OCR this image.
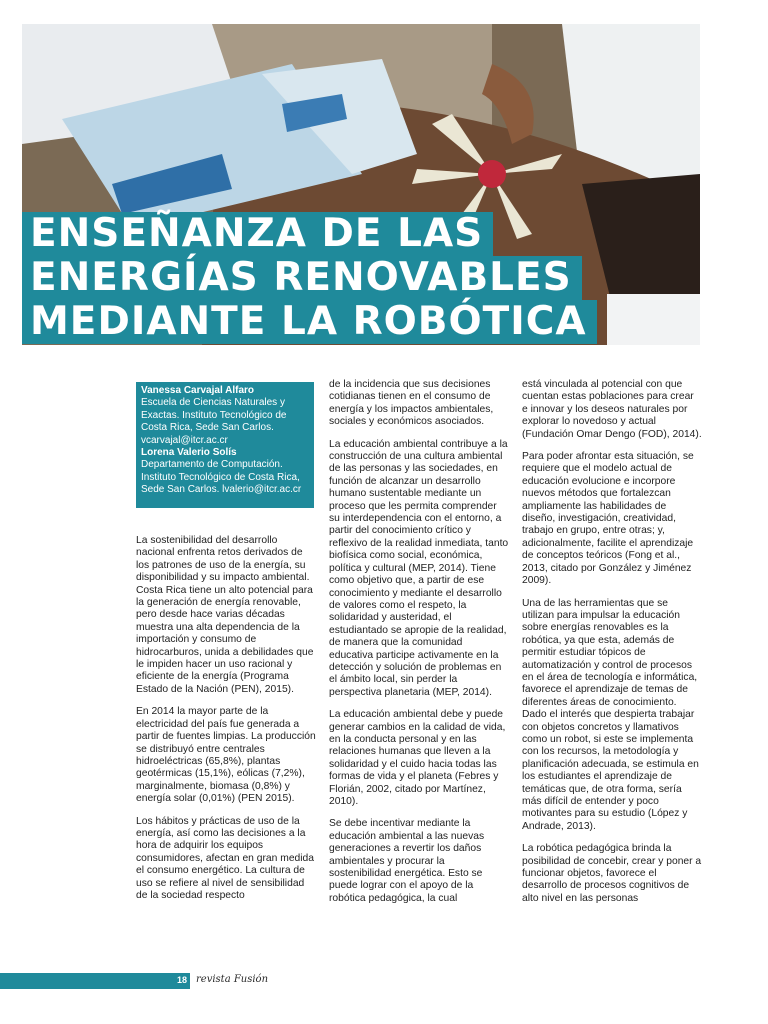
ENSEÑANZA DE LAS
ENERGÍAS RENOVABLES
MEDIANTE LA ROBÓTICA
Vanessa Carvajal Alfaro
Escuela de Ciencias Naturales y Exactas. Instituto Tecnológico de Costa Rica, Sede San Carlos. vcarvajal@itcr.ac.cr
Lorena Valerio Solís
Departamento de Computación. Instituto Tecnológico de Costa Rica, Sede San Carlos. lvalerio@itcr.ac.cr

La sostenibilidad del desarrollo nacional enfrenta retos derivados de los patrones de uso de la energía, su disponibilidad y su impacto ambiental. Costa Rica tiene un alto potencial para la generación de energía renovable, pero desde hace varias décadas muestra una alta dependencia de la importación y consumo de hidrocarburos, unida a debilidades que le impiden hacer un uso racional y eficiente de la energía (Programa Estado de la Nación (PEN), 2015).

En 2014 la mayor parte de la electricidad del país fue generada a partir de fuentes limpias. La producción se distribuyó entre centrales hidroeléctricas (65,8%), plantas geotérmicas (15,1%), eólicas (7,2%), marginalmente, biomasa (0,8%) y energía solar (0,01%) (PEN 2015).

Los hábitos y prácticas de uso de la energía, así como las decisiones a la hora de adquirir los equipos consumidores, afectan en gran medida el consumo energético. La cultura de uso se refiere al nivel de sensibilidad de la sociedad respecto

de la incidencia que sus decisiones cotidianas tienen en el consumo de energía y los impactos ambientales, sociales y económicos asociados.

La educación ambiental contribuye a la construcción de una cultura ambiental de las personas y las sociedades, en función de alcanzar un desarrollo humano sustentable mediante un proceso que les permita comprender su interdependencia con el entorno, a partir del conocimiento crítico y reflexivo de la realidad inmediata, tanto biofísica como social, económica, política y cultural (MEP, 2014). Tiene como objetivo que, a partir de ese conocimiento y mediante el desarrollo de valores como el respeto, la solidaridad y austeridad, el estudiantado se apropie de la realidad, de manera que la comunidad educativa participe activamente en la detección y solución de problemas en el ámbito local, sin perder la perspectiva planetaria (MEP, 2014).

La educación ambiental debe y puede generar cambios en la calidad de vida, en la conducta personal y en las relaciones humanas que lleven a la solidaridad y el cuido hacia todas las formas de vida y el planeta (Febres y Florián, 2002, citado por Martínez, 2010).

Se debe incentivar mediante la educación ambiental a las nuevas generaciones a revertir los daños ambientales y procurar la sostenibilidad energética. Esto se puede lograr con el apoyo de la robótica pedagógica, la cual

está vinculada al potencial con que cuentan estas poblaciones para crear e innovar y los deseos naturales por explorar lo novedoso y actual (Fundación Omar Dengo (FOD), 2014).

Para poder afrontar esta situación, se requiere que el modelo actual de educación evolucione e incorpore nuevos métodos que fortalezcan ampliamente las habilidades de diseño, investigación, creatividad, trabajo en grupo, entre otras; y, adicionalmente, facilite el aprendizaje de conceptos teóricos (Fong et al., 2013, citado por González y Jiménez 2009).

Una de las herramientas que se utilizan para impulsar la educación sobre energías renovables es la robótica, ya que esta, además de permitir estudiar tópicos de automatización y control de procesos en el área de tecnología e informática, favorece el aprendizaje de temas de diferentes áreas de conocimiento. Dado el interés que despierta trabajar con objetos concretos y llamativos como un robot, si este se implementa con los recursos, la metodología y planificación adecuada, se estimula en los estudiantes el aprendizaje de temáticas que, de otra forma, sería más difícil de entender y poco motivantes para su estudio (López y Andrade, 2013).

La robótica pedagógica brinda la posibilidad de concebir, crear y poner a funcionar objetos, favorece el desarrollo de procesos cognitivos de alto nivel en las personas

18 revista Fusión
